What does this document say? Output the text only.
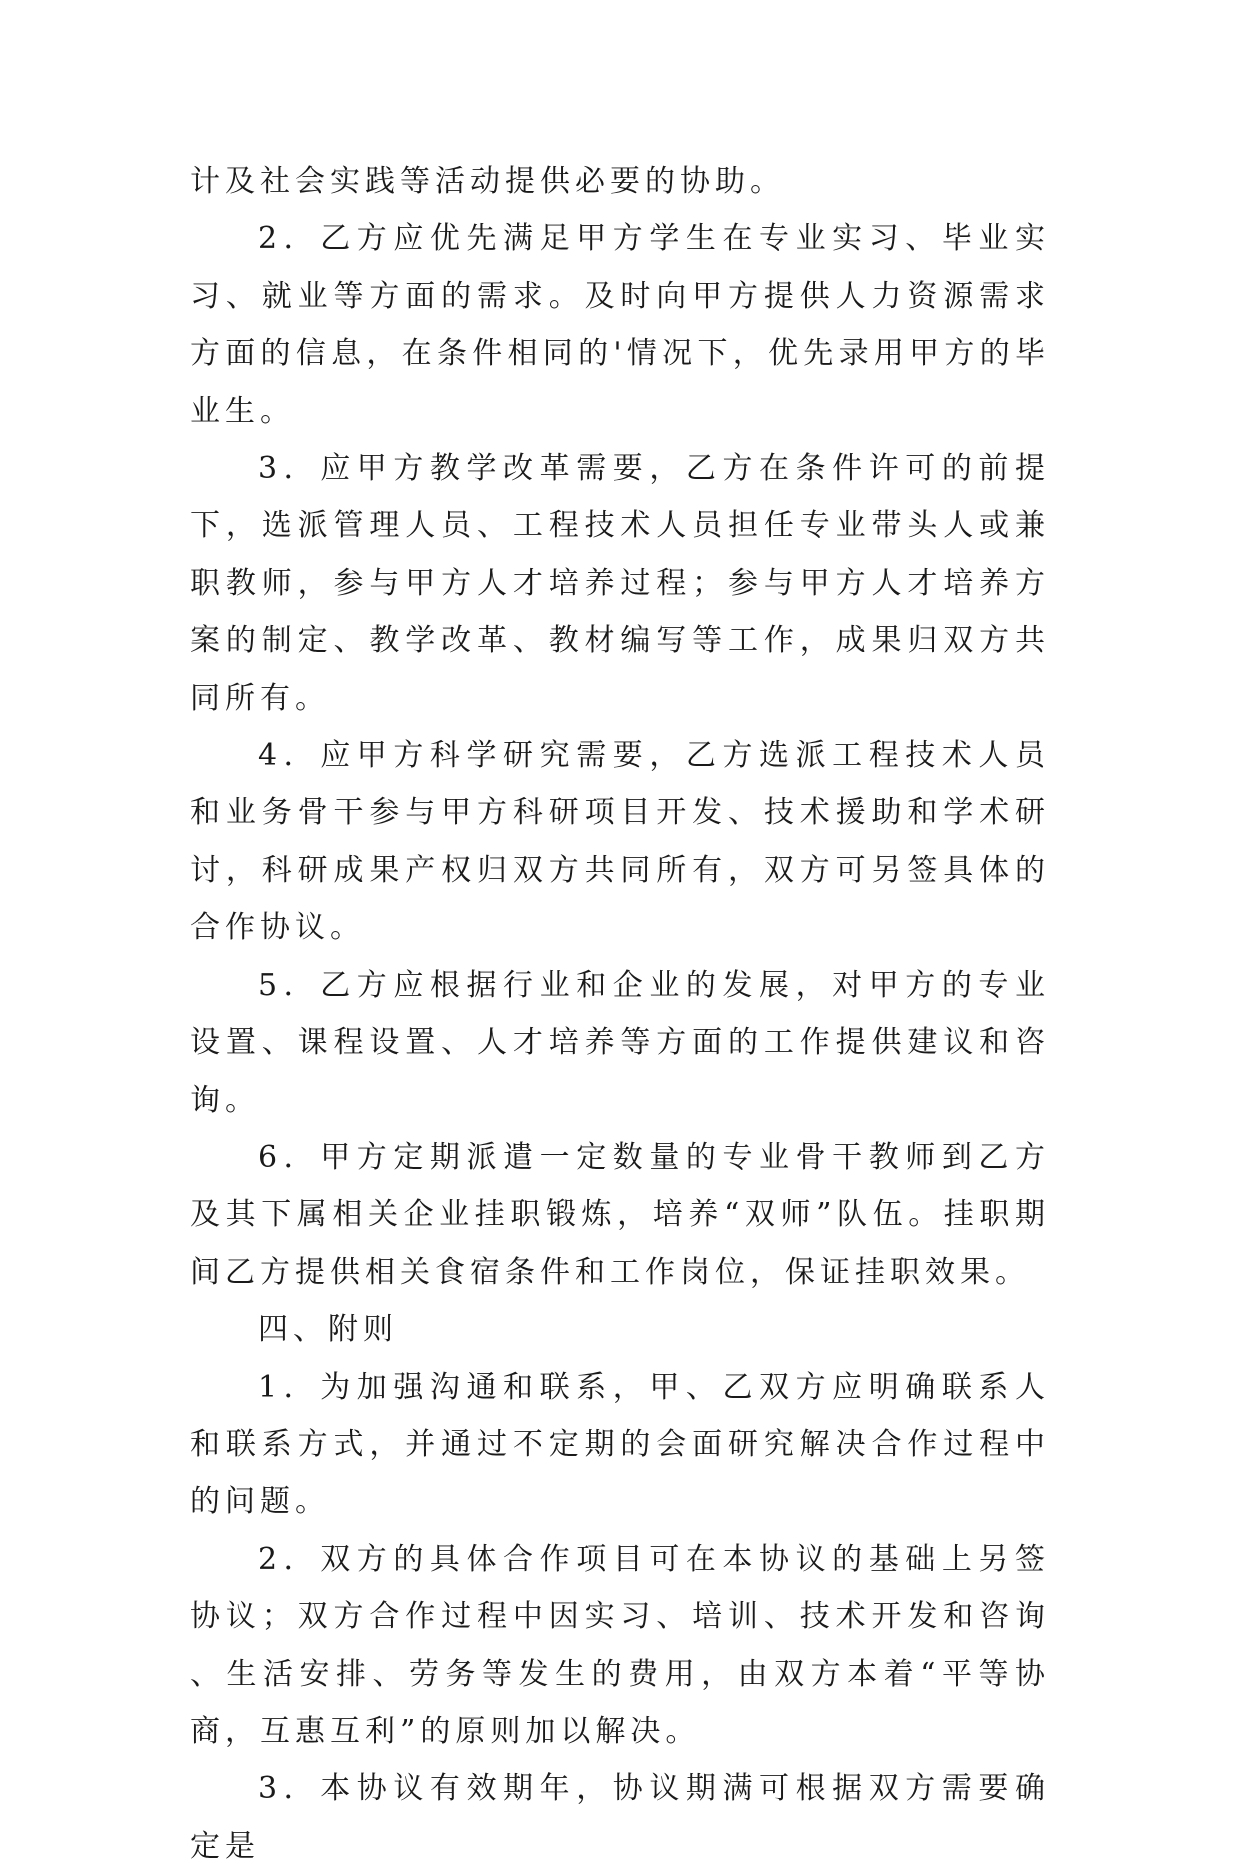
计及社会实践等活动提供必要的协助。

2．乙方应优先满足甲方学生在专业实习、毕业实习、就业等方面的需求。及时向甲方提供人力资源需求方面的信息，在条件相同的'情况下，优先录用甲方的毕业生。

3．应甲方教学改革需要，乙方在条件许可的前提下，选派管理人员、工程技术人员担任专业带头人或兼职教师，参与甲方人才培养过程；参与甲方人才培养方案的制定、教学改革、教材编写等工作，成果归双方共同所有。

4．应甲方科学研究需要，乙方选派工程技术人员和业务骨干参与甲方科研项目开发、技术援助和学术研讨，科研成果产权归双方共同所有，双方可另签具体的合作协议。

5．乙方应根据行业和企业的发展，对甲方的专业设置、课程设置、人才培养等方面的工作提供建议和咨询。

6．甲方定期派遣一定数量的专业骨干教师到乙方及其下属相关企业挂职锻炼，培养“双师”队伍。挂职期间乙方提供相关食宿条件和工作岗位，保证挂职效果。

四、附则

1．为加强沟通和联系，甲、乙双方应明确联系人和联系方式，并通过不定期的会面研究解决合作过程中的问题。

2．双方的具体合作项目可在本协议的基础上另签协议；双方合作过程中因实习、培训、技术开发和咨询、生活安排、劳务等发生的费用，由双方本着“平等协商，互惠互利”的原则加以解决。

3．本协议有效期年，协议期满可根据双方需要确定是
